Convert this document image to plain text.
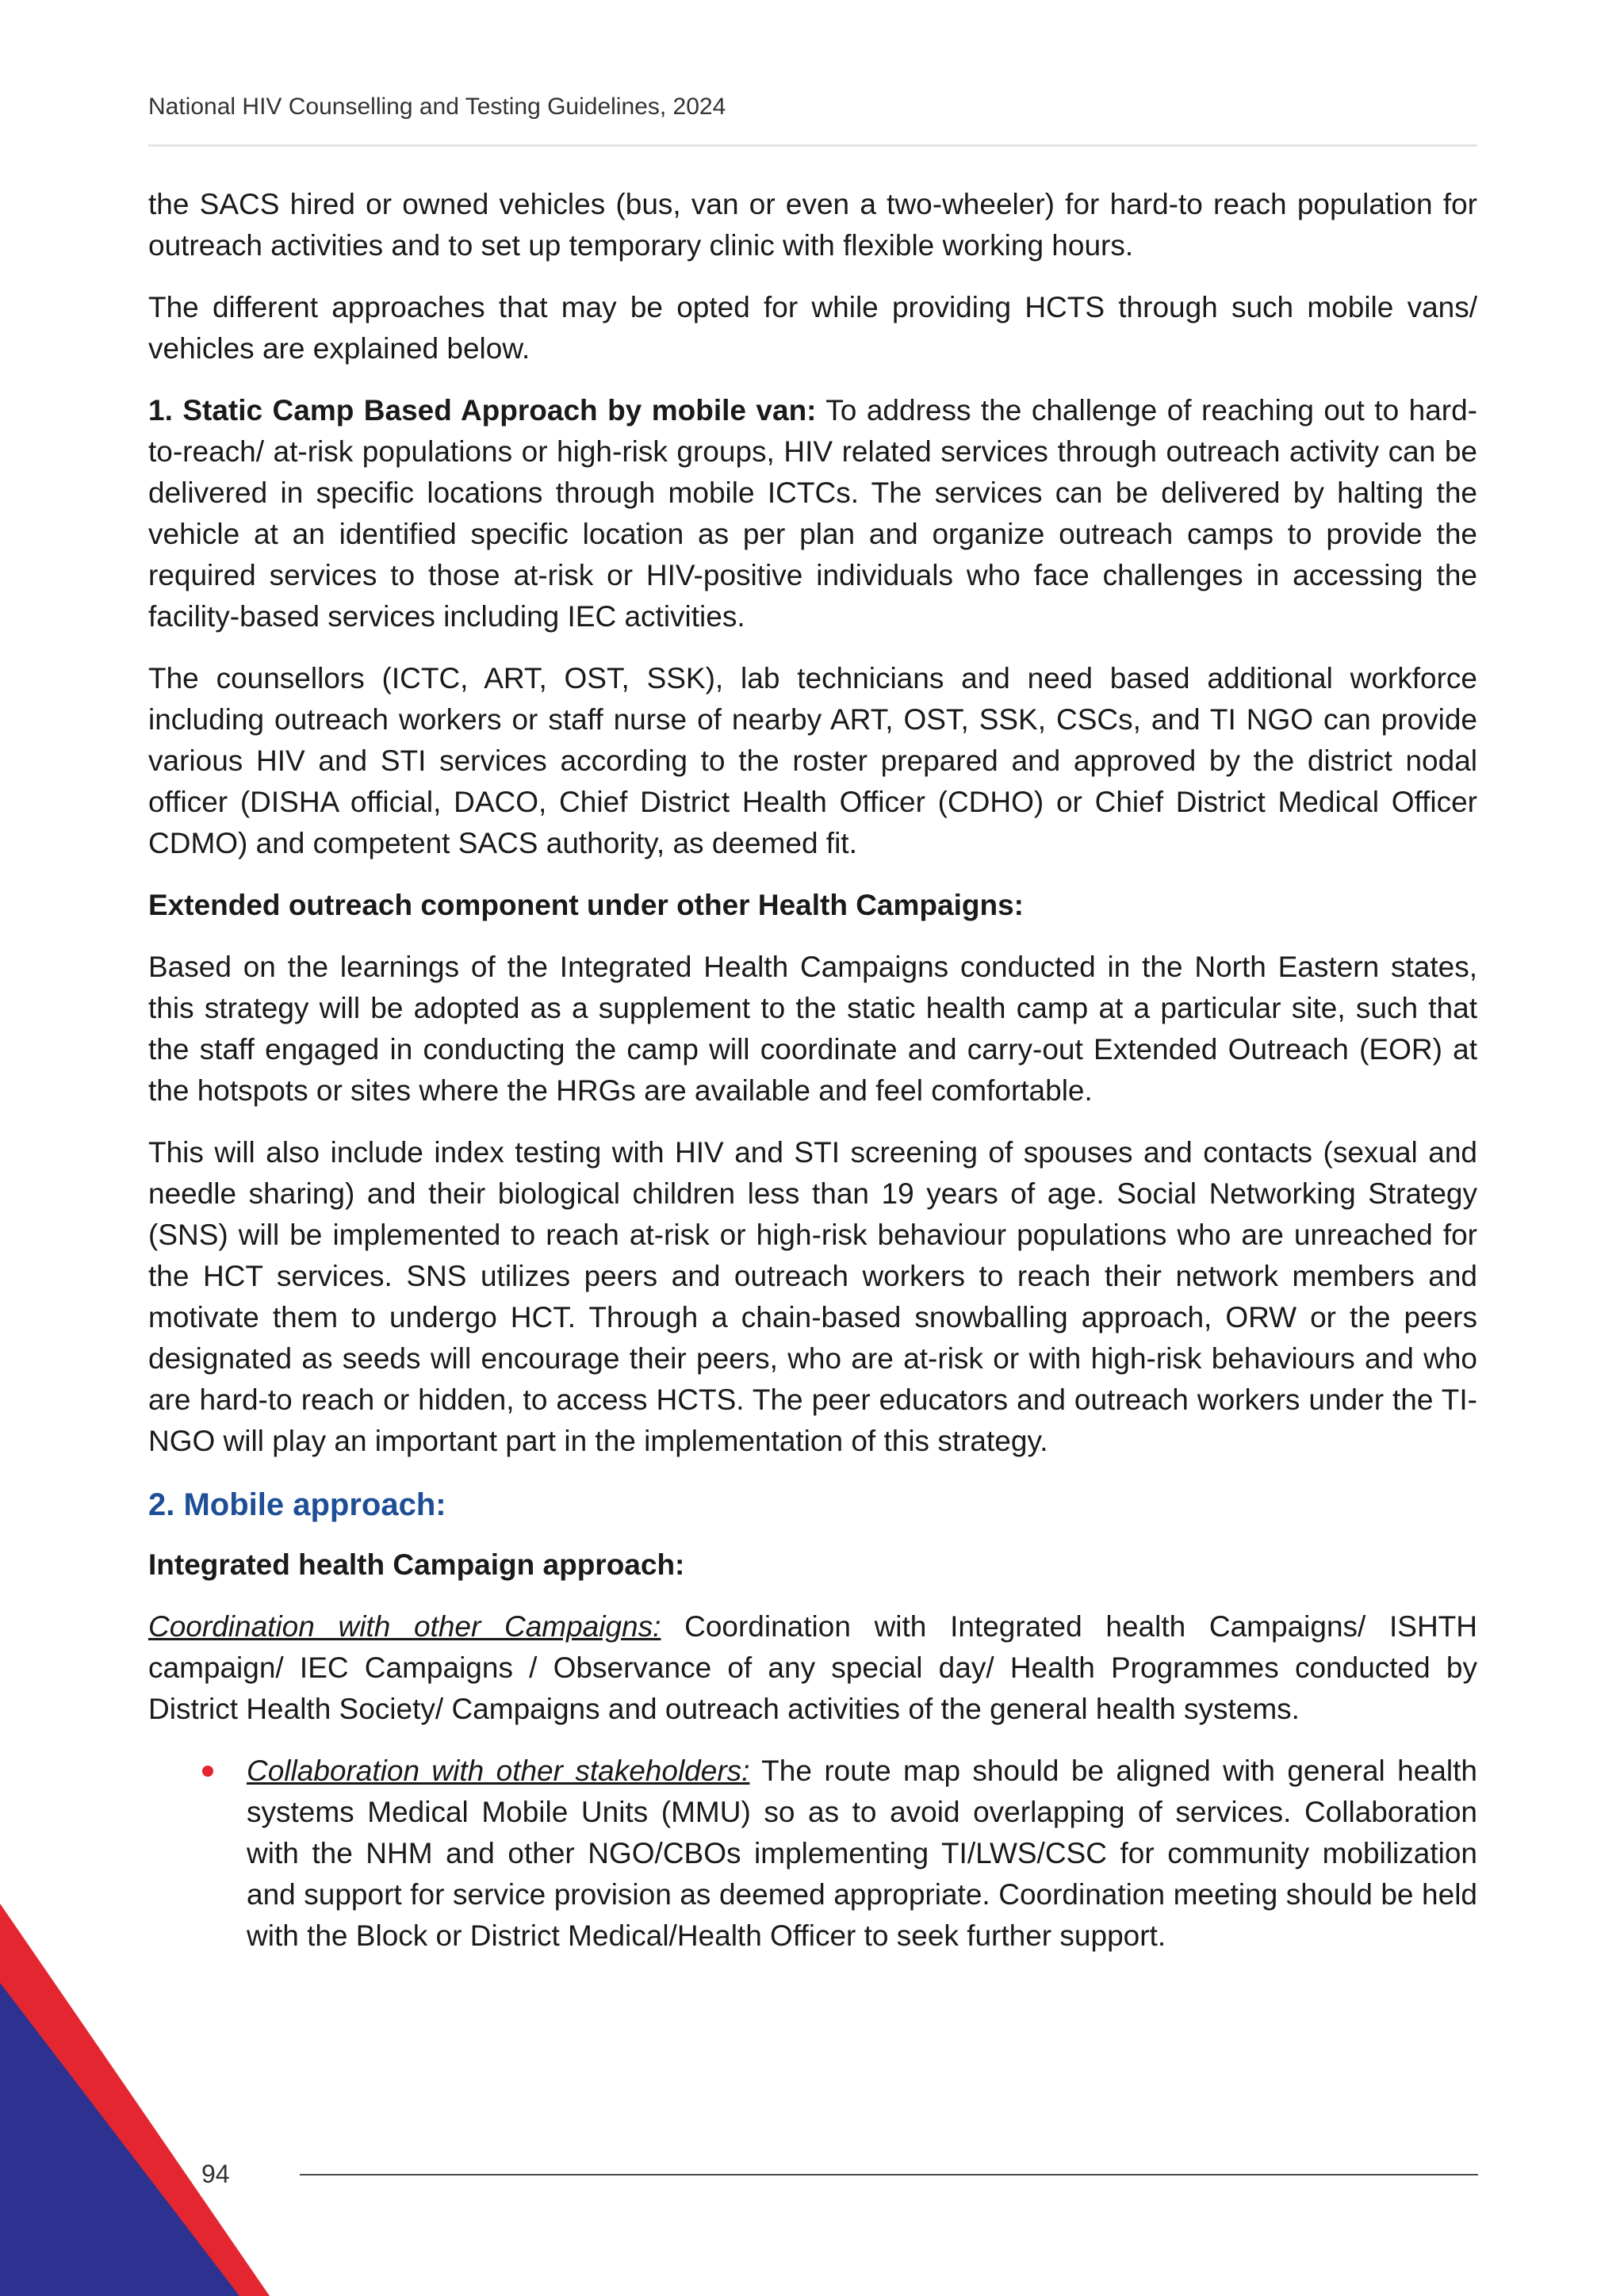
National HIV Counselling and Testing Guidelines, 2024

the SACS hired or owned vehicles (bus, van or even a two-wheeler) for hard-to reach population for outreach activities and to set up temporary clinic with flexible working hours.

The different approaches that may be opted for while providing HCTS through such mobile vans/ vehicles are explained below.

1. Static Camp Based Approach by mobile van: To address the challenge of reaching out to hard-to-reach/ at-risk populations or high-risk groups, HIV related services through outreach activity can be delivered in specific locations through mobile ICTCs. The services can be delivered by halting the vehicle at an identified specific location as per plan and organize outreach camps to provide the required services to those at-risk or HIV-positive individuals who face challenges in accessing the facility-based services including IEC activities.

The counsellors (ICTC, ART, OST, SSK), lab technicians and need based additional workforce including outreach workers or staff nurse of nearby ART, OST, SSK, CSCs, and TI NGO can provide various HIV and STI services according to the roster prepared and approved by the district nodal officer (DISHA official, DACO, Chief District Health Officer (CDHO) or Chief District Medical Officer CDMO) and competent SACS authority, as deemed fit.

Extended outreach component under other Health Campaigns:

Based on the learnings of the Integrated Health Campaigns conducted in the North Eastern states, this strategy will be adopted as a supplement to the static health camp at a particular site, such that the staff engaged in conducting the camp will coordinate and carry-out Extended Outreach (EOR) at the hotspots or sites where the HRGs are available and feel comfortable.

This will also include index testing with HIV and STI screening of spouses and contacts (sexual and needle sharing) and their biological children less than 19 years of age. Social Networking Strategy (SNS) will be implemented to reach at-risk or high-risk behaviour populations who are unreached for the HCT services. SNS utilizes peers and outreach workers to reach their network members and motivate them to undergo HCT. Through a chain-based snowballing approach, ORW or the peers designated as seeds will encourage their peers, who are at-risk or with high-risk behaviours and who are hard-to reach or hidden, to access HCTS. The peer educators and outreach workers under the TI-NGO will play an important part in the implementation of this strategy.

2. Mobile approach:

Integrated health Campaign approach:

Coordination with other Campaigns: Coordination with Integrated health Campaigns/ ISHTH campaign/ IEC Campaigns / Observance of any special day/ Health Programmes conducted by District Health Society/ Campaigns and outreach activities of the general health systems.

Collaboration with other stakeholders: The route map should be aligned with general health systems Medical Mobile Units (MMU) so as to avoid overlapping of services. Collaboration with the NHM and other NGO/CBOs implementing TI/LWS/CSC for community mobilization and support for service provision as deemed appropriate. Coordination meeting should be held with the Block or District Medical/Health Officer to seek further support.
94
